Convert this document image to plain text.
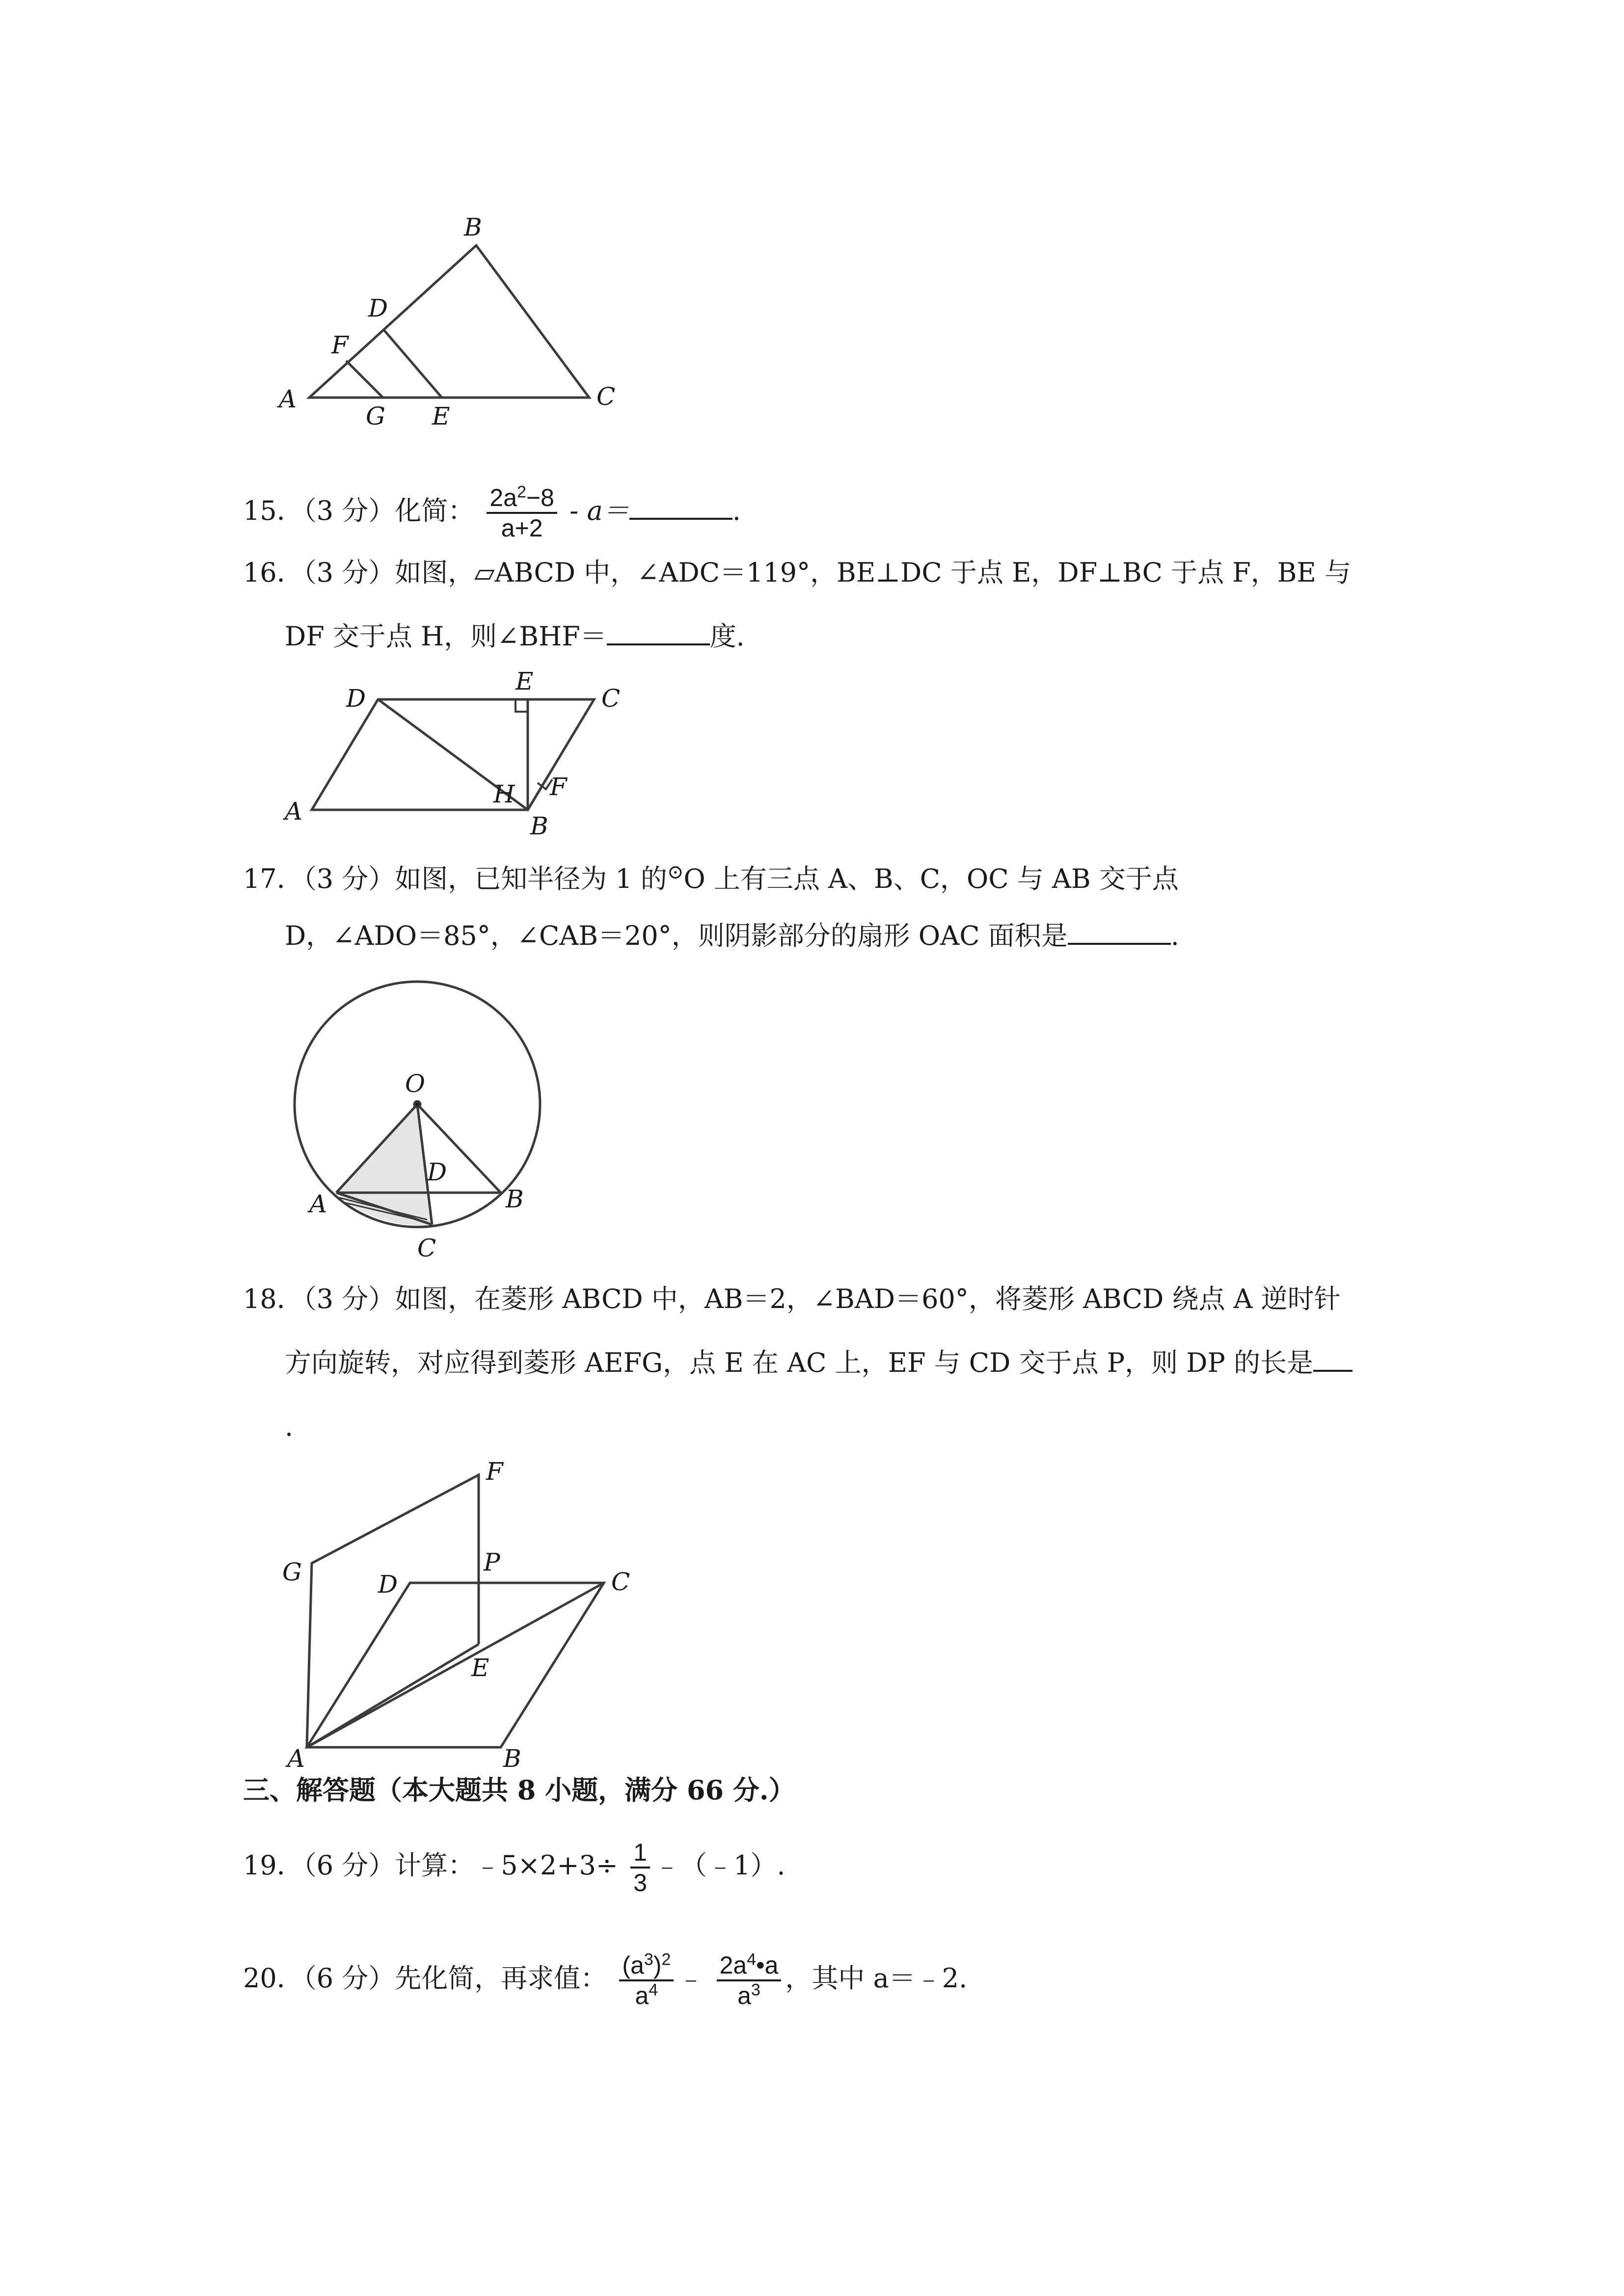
A
B
C
D
E
F
G
15．（3 分）化简： $\frac{2a^2-8}{a+2} - a=$	.
16．（3 分）如图，▱ABCD 中，∠ADC＝119°，BE⊥DC 于点 E，DF⊥BC 于点 F，BE 与
DF 交于点 H，则∠BHF＝	度.
A
B
C
D
E
F
H
17．（3 分）如图，已知半径为 1 的⊙O 上有三点 A、B、C，OC 与 AB 交于点
D，∠ADO＝85°，∠CAB＝20°，则阴影部分的扇形 OAC 面积是	.
O
A	B
C
D
18．（3 分）如图，在菱形 ABCD 中，AB＝2，∠BAD＝60°，将菱形 ABCD 绕点 A 逆时针
方向旋转，对应得到菱形 AEFG，点 E 在 AC 上，EF 与 CD 交于点 P，则 DP 的长是
.
G
F
D
P
C
E
A	B
三、解答题（本大题共 8 小题，满分 66 分.）
19．（6 分）计算：﹣5×2+3÷ $\frac{1}{3}$ ﹣（﹣1）.
20．（6 分）先化简，再求值： $\frac{(a^3)^2}{a^4}$ ﹣ $\frac{2a^4•a}{a^3}$ ，其中 a＝﹣2.
